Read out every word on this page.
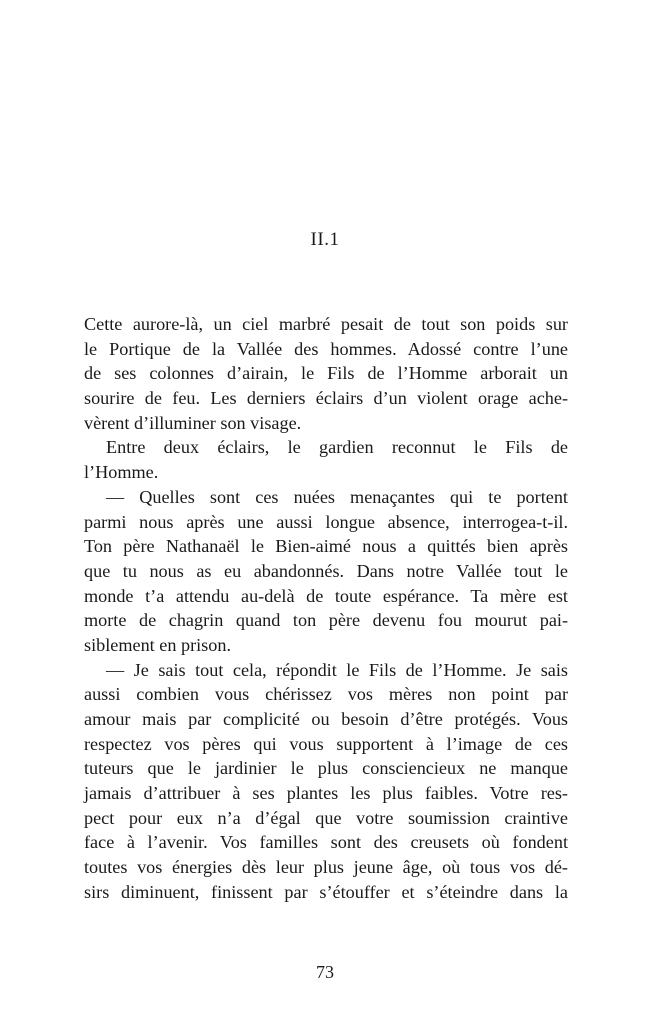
II.1
Cette aurore-là, un ciel marbré pesait de tout son poids sur
le Portique de la Vallée des hommes. Adossé contre l’une
de ses colonnes d’airain, le Fils de l’Homme arborait un
sourire de feu. Les derniers éclairs d’un violent orage ache-
vèrent d’illuminer son visage.
Entre deux éclairs, le gardien reconnut le Fils de
l’Homme.
— Quelles sont ces nuées menaçantes qui te portent
parmi nous après une aussi longue absence, interrogea-t-il.
Ton père Nathanaël le Bien-aimé nous a quittés bien après
que tu nous as eu abandonnés. Dans notre Vallée tout le
monde t’a attendu au-delà de toute espérance. Ta mère est
morte de chagrin quand ton père devenu fou mourut pai-
siblement en prison.
— Je sais tout cela, répondit le Fils de l’Homme. Je sais
aussi combien vous chérissez vos mères non point par
amour mais par complicité ou besoin d’être protégés. Vous
respectez vos pères qui vous supportent à l’image de ces
tuteurs que le jardinier le plus consciencieux ne manque
jamais d’attribuer à ses plantes les plus faibles. Votre res-
pect pour eux n’a d’égal que votre soumission craintive
face à l’avenir. Vos familles sont des creusets où fondent
toutes vos énergies dès leur plus jeune âge, où tous vos dé-
sirs diminuent, finissent par s’étouffer et s’éteindre dans la
73
